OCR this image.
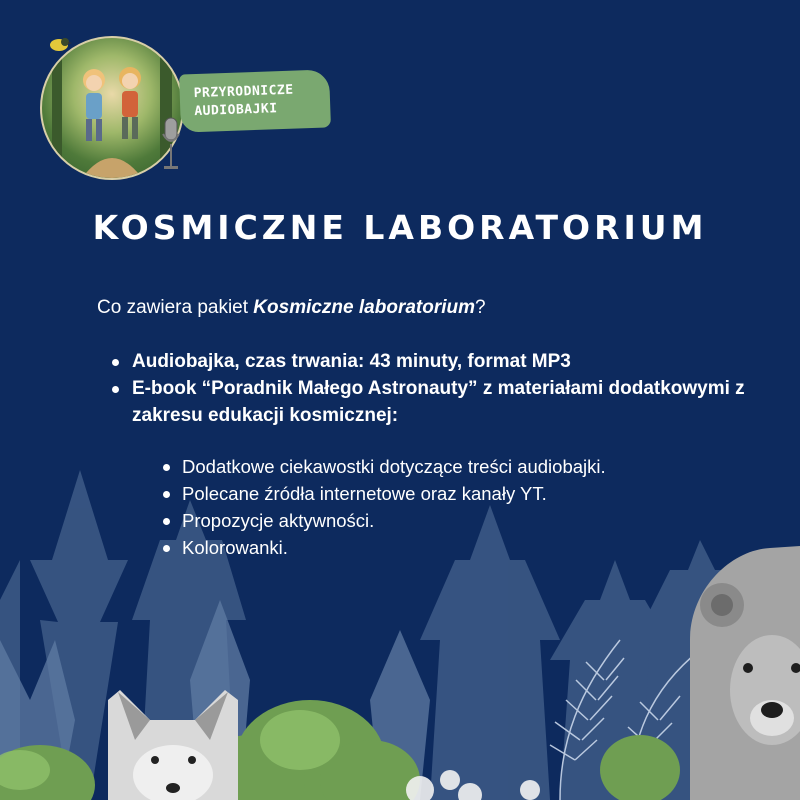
PRZYRODNICZE
AUDIOBAJKI
KOSMICZNE LABORATORIUM
Co zawiera pakiet Kosmiczne laboratorium?
Audiobajka, czas trwania: 43 minuty, format MP3
E-book “Poradnik Małego Astronauty” z materiałami dodatkowymi z zakresu edukacji kosmicznej:
Dodatkowe ciekawostki dotyczące treści audiobajki.
Polecane źródła internetowe oraz kanały YT.
Propozycje aktywności.
Kolorowanki.
